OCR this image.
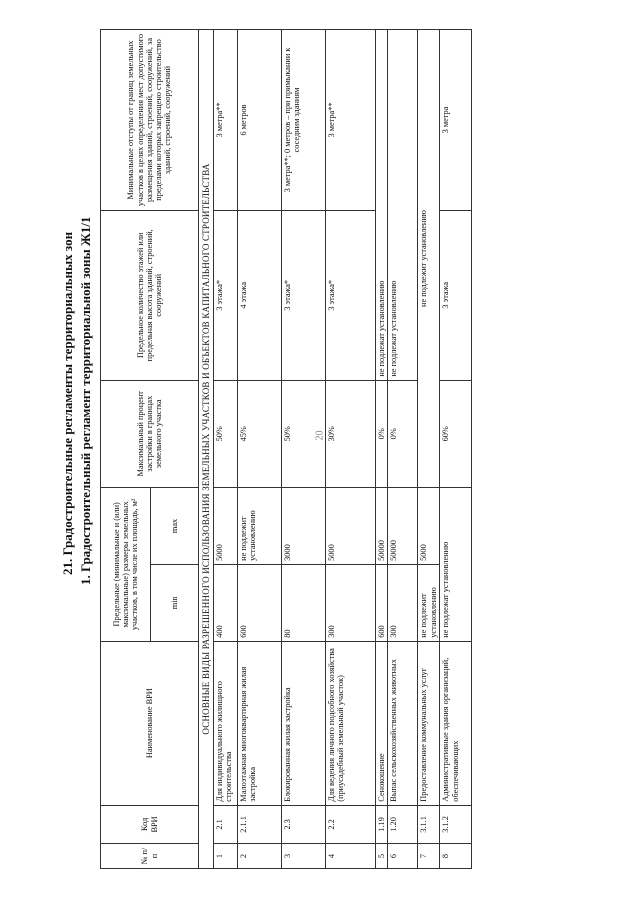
20
21. Градостроительные регламенты территориальных зон 1. Градостроительный регламент территориальной зоны Ж1/1
№ п/п	Код ВРИ	Наименование ВРИ	Предельные (минимальные и (или) максимальные) размеры земельных участков, в том числе их площадь, м²		Максимальный процент застройки в границах земельного участка	Предельное количество этажей или предельная высота зданий, строений, сооружений	Минимальные отступы от границ земельных участков в целях определения мест допустимого размещения зданий, строений, сооружений, за пределами которых запрещено строительство зданий, строений, сооружений
			min	max			
ОСНОВНЫЕ ВИДЫ РАЗРЕШЕННОГО ИСПОЛЬЗОВАНИЯ ЗЕМЕЛЬНЫХ УЧАСТКОВ И ОБЪЕКТОВ КАПИТАЛЬНОГО СТРОИТЕЛЬСТВА							
1	2.1	Для индивидуального жилищного строительства	400	5000	50%	3 этажа*	3 метра**
2	2.1.1	Малоэтажная многоквартирная жилая застройка	600	не подлежит установлению	45%	4 этажа	6 метров
3	2.3	Блокированная жилая застройка	80	3000	50%	3 этажа*	3 метра**; 0 метров – при примыкании к соседним зданиям
4	2.2	Для ведения личного подсобного хозяйства (приусадебный земельный участок)	300	5000	30%	3 этажа*	3 метра**
5	1.19	Сенокошение	600	50000	0%	не подлежат установлению	
6	1.20	Выпас сельскохозяйственных животных	300	50000	0%	не подлежат установлению	
7	3.1.1	Предоставление коммунальных услуг	не подлежит установлению	5000	не подлежит установлению		
8	3.1.2	Административные здания организаций, обеспечивающих	не подлежат установлению		60%	3 этажа	3 метра
